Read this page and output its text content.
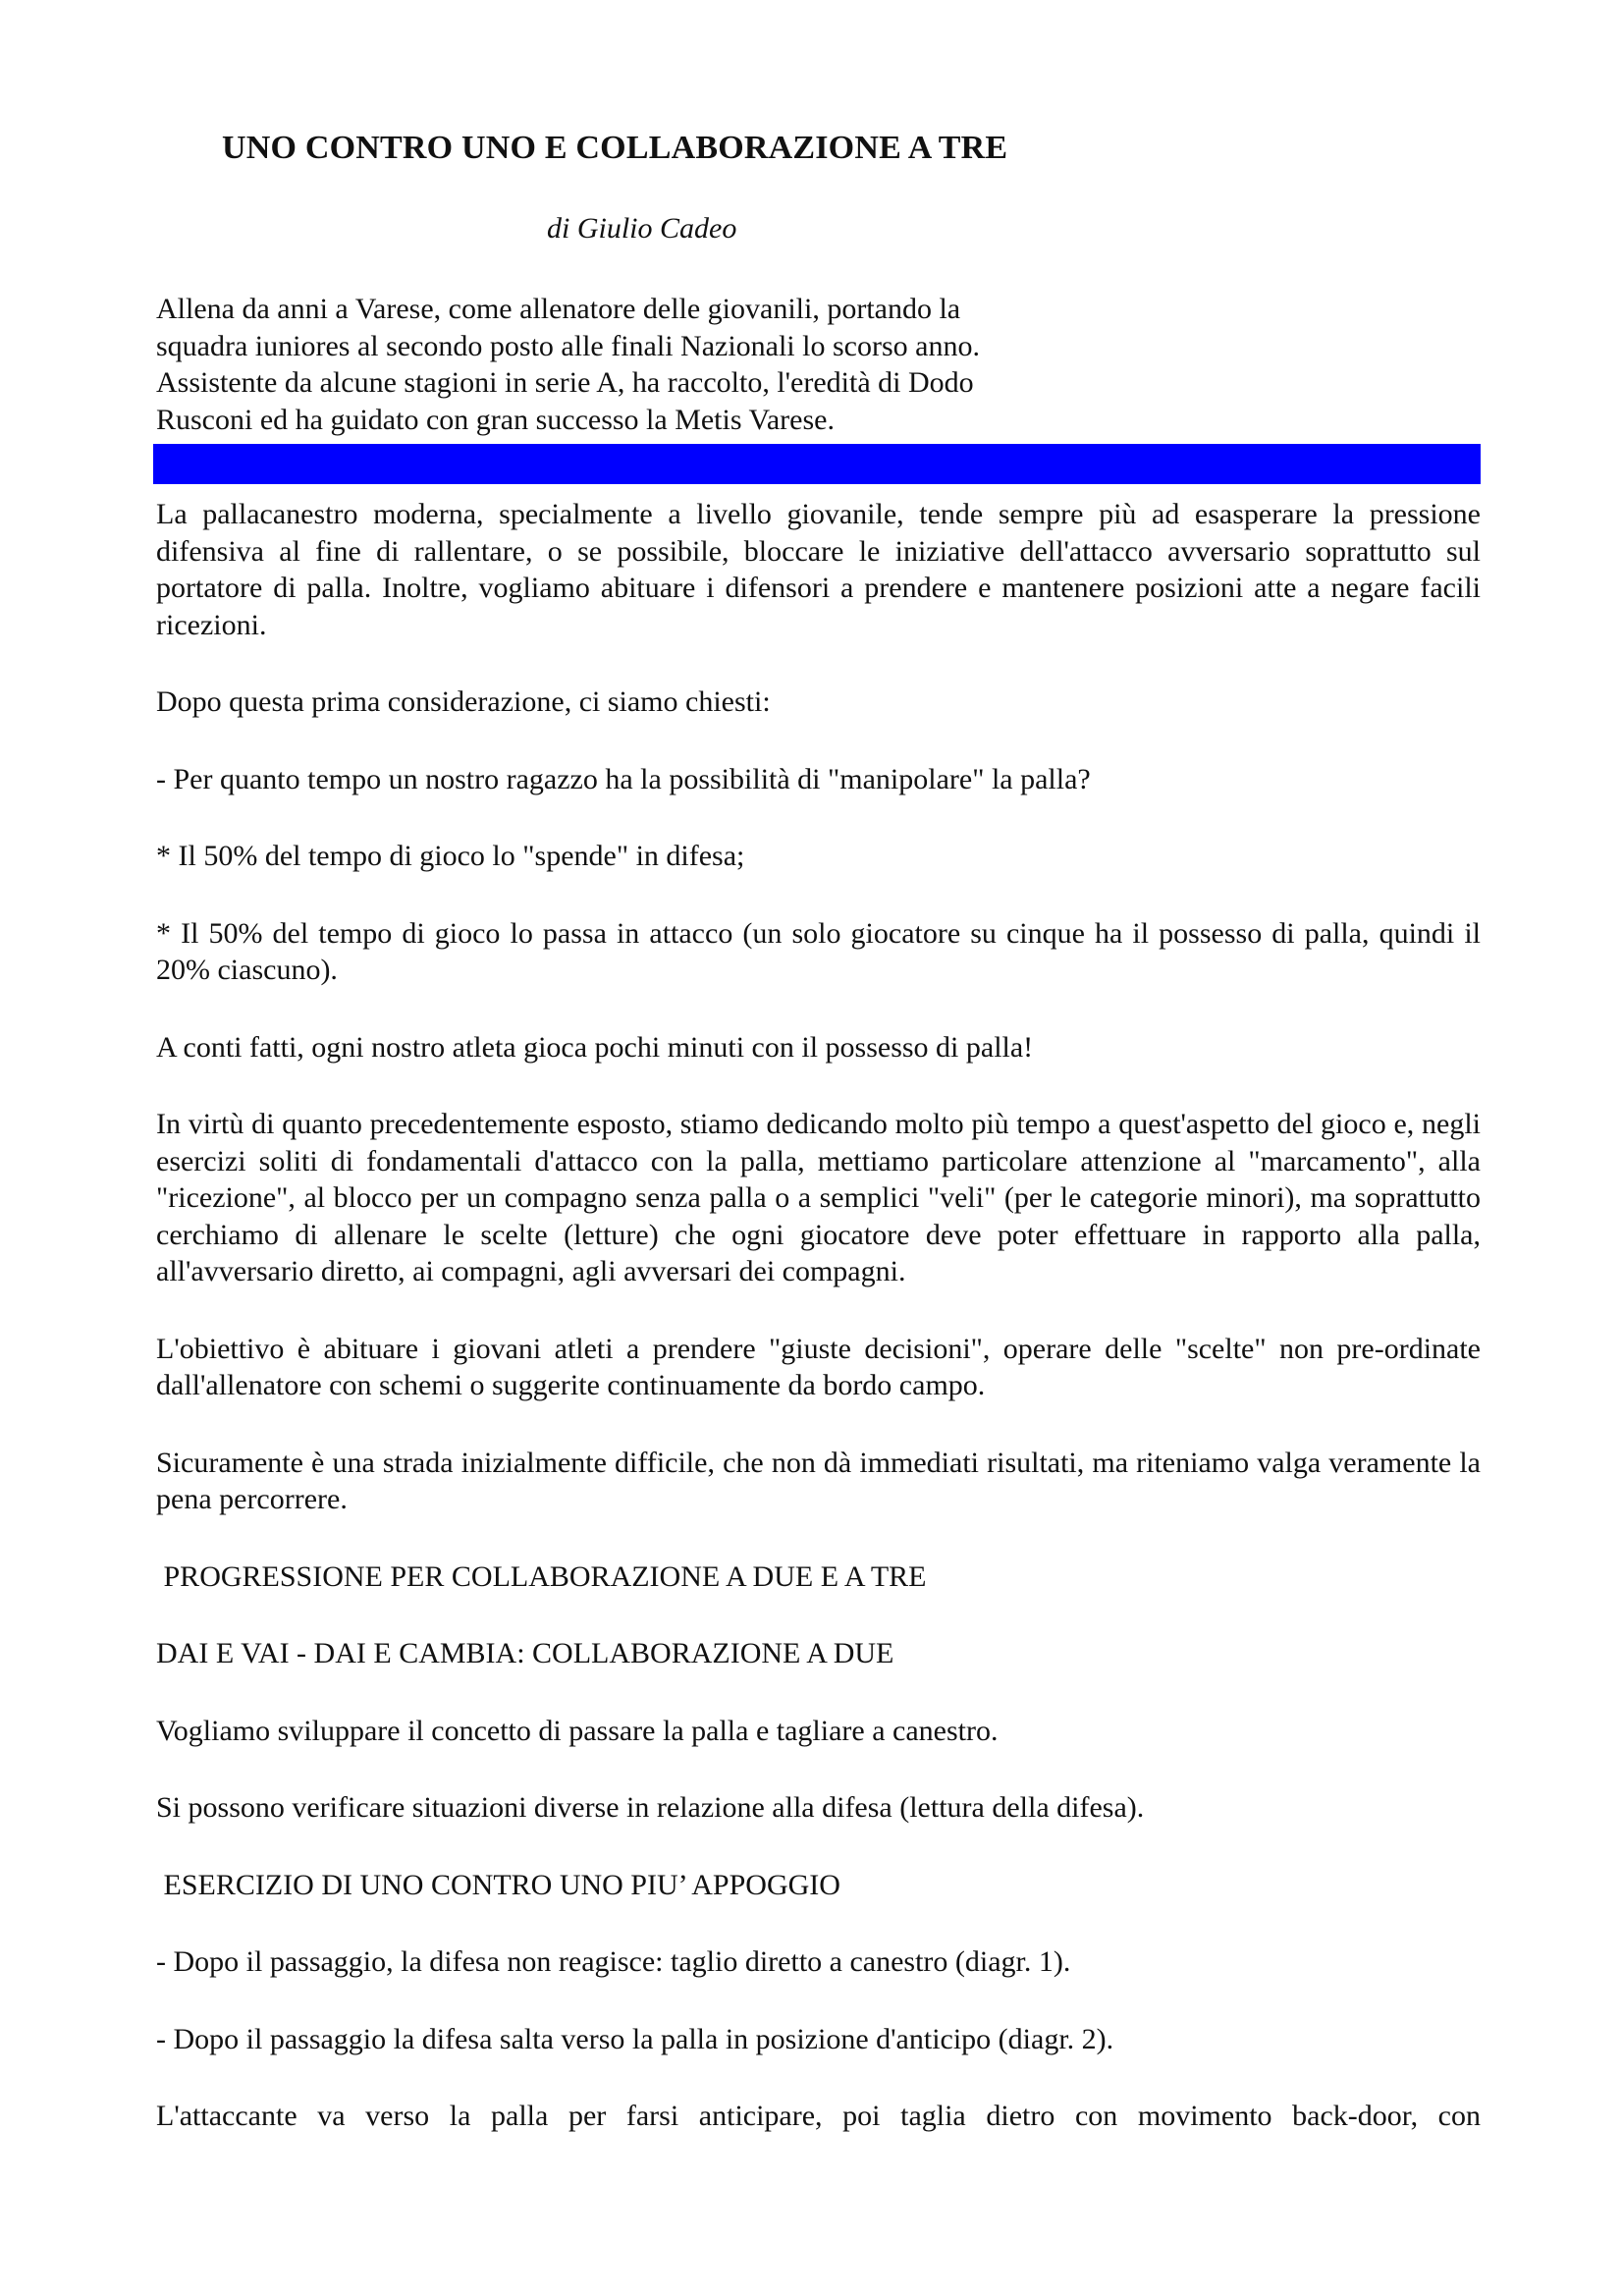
UNO CONTRO UNO E COLLABORAZIONE A TRE
di Giulio Cadeo
Allena da anni a Varese, come allenatore delle giovanili, portando la
squadra iuniores al secondo posto alle finali Nazionali lo scorso anno.
Assistente da alcune stagioni in serie A, ha raccolto, l'eredità di Dodo
Rusconi ed ha guidato con gran successo la Metis Varese.

La pallacanestro moderna, specialmente a livello giovanile, tende sempre più ad esasperare la pressione difensiva al fine di rallentare, o se possibile, bloccare le iniziative dell'attacco avversario soprattutto sul portatore di palla. Inoltre, vogliamo abituare i difensori a prendere e mantenere posizioni atte a negare facili ricezioni.

Dopo questa prima considerazione, ci siamo chiesti:

- Per quanto tempo un nostro ragazzo ha la possibilità di "manipolare" la palla?

* Il 50% del tempo di gioco lo "spende" in difesa;

* Il 50% del tempo di gioco lo passa in attacco (un solo giocatore su cinque ha il possesso di palla, quindi il 20% ciascuno).

A conti fatti, ogni nostro atleta gioca pochi minuti con il possesso di palla!

In virtù di quanto precedentemente esposto, stiamo dedicando molto più tempo a quest'aspetto del gioco e, negli esercizi soliti di fondamentali d'attacco con la palla, mettiamo particolare attenzione al "marcamento", alla "ricezione", al blocco per un compagno senza palla o a semplici "veli" (per le categorie minori), ma soprattutto cerchiamo di allenare le scelte (letture) che ogni giocatore deve poter effettuare in rapporto alla palla, all'avversario diretto, ai compagni, agli avversari dei compagni.

L'obiettivo è abituare i giovani atleti a prendere "giuste decisioni", operare delle "scelte" non pre-ordinate dall'allenatore con schemi o suggerite continuamente da bordo campo.

Sicuramente è una strada inizialmente difficile, che non dà immediati risultati, ma riteniamo valga veramente la pena percorrere.

PROGRESSIONE PER COLLABORAZIONE A DUE E A TRE

DAI E VAI - DAI E CAMBIA: COLLABORAZIONE A DUE

Vogliamo sviluppare il concetto di passare la palla e tagliare a canestro.

Si possono verificare situazioni diverse in relazione alla difesa (lettura della difesa).

ESERCIZIO DI UNO CONTRO UNO PIU’ APPOGGIO

- Dopo il passaggio, la difesa non reagisce: taglio diretto a canestro (diagr. 1).

- Dopo il passaggio la difesa salta verso la palla in posizione d'anticipo (diagr. 2).

L'attaccante va verso la palla per farsi anticipare, poi taglia dietro con movimento back-door, con
